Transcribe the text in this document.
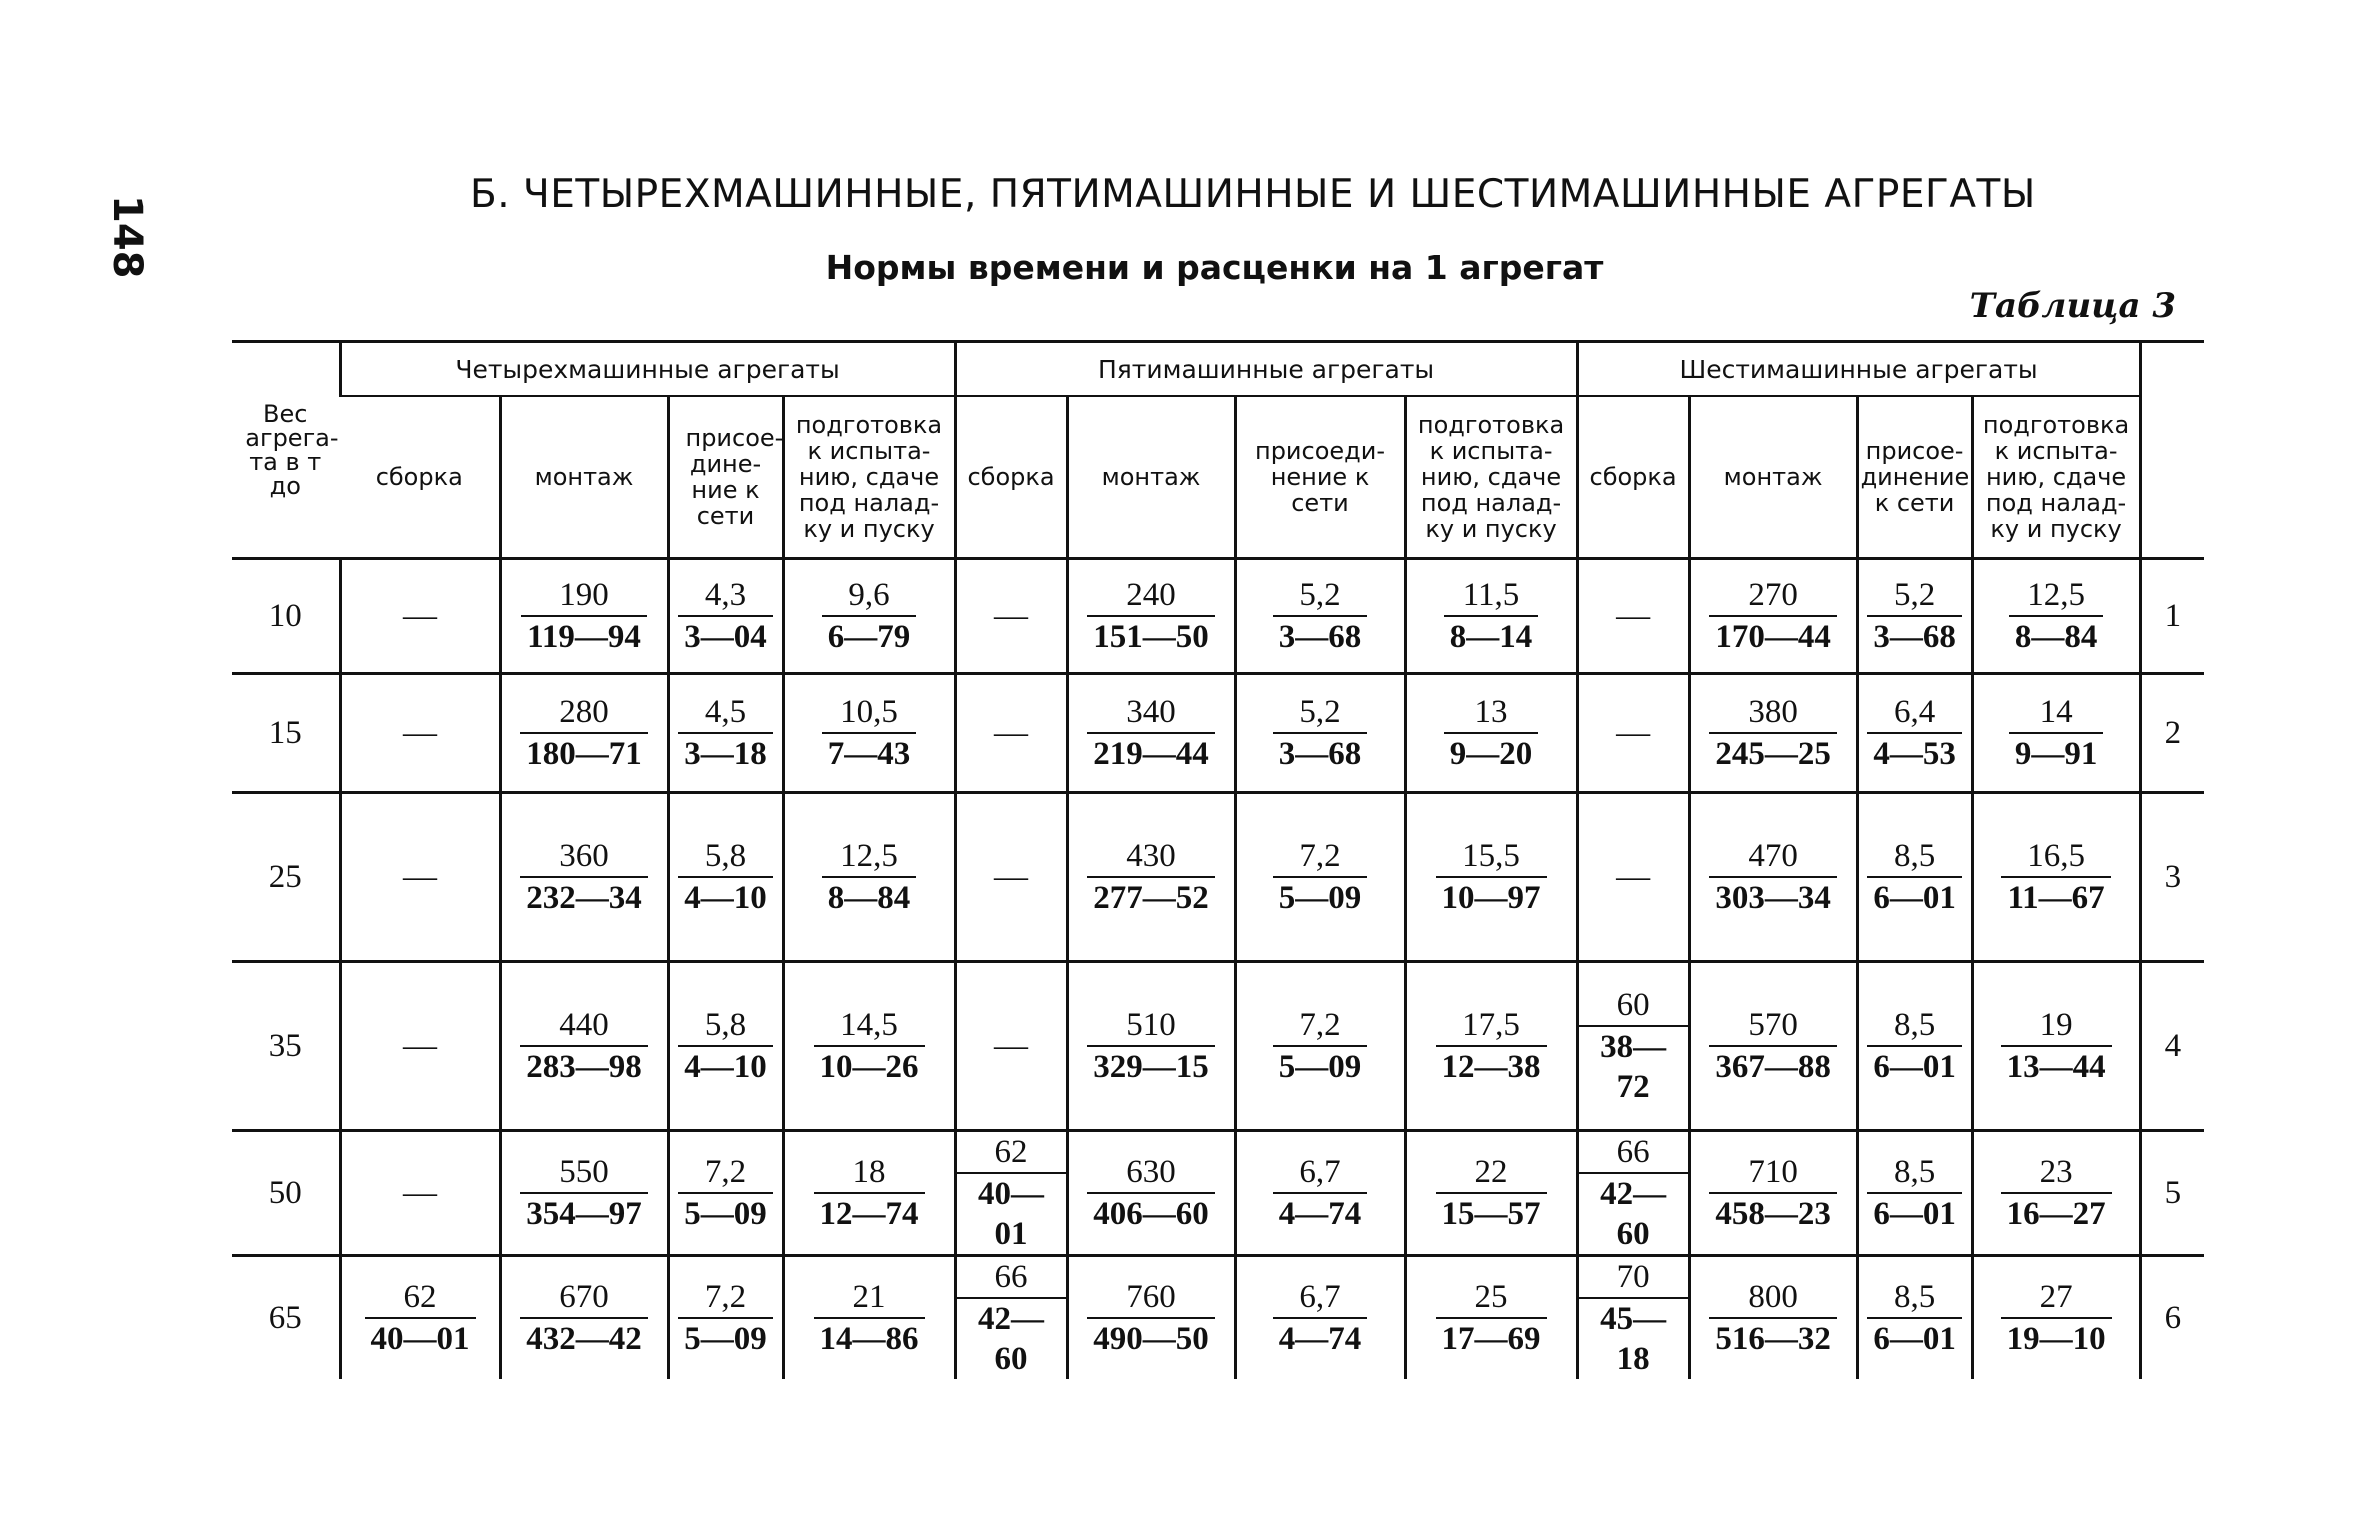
148
Б. ЧЕТЫРЕХМАШИННЫЕ, ПЯТИМАШИННЫЕ И ШЕСТИМАШИННЫЕ АГРЕГАТЫ
Нормы времени и расценки на 1 агрегат
Таблица 3
Вес агрега-та в т до	Четырехмашинные агрегаты				Пятимашинные агрегаты				Шестимашинные агрегаты				
	сборка	монтаж	присое-дине-ние к сети	подготовка к испыта-нию, сдаче под налад-ку и пуску	сборка	монтаж	присоеди-нение к сети	подготовка к испыта-нию, сдаче под налад-ку и пуску	сборка	монтаж	присое-динение к сети	подготовка к испыта-нию, сдаче под налад-ку и пуску	

10	—	$\frac{190}{119—94}$	$\frac{4,3}{3—04}$	$\frac{9,6}{6—79}$	—	$\frac{240}{151—50}$	$\frac{5,2}{3—68}$	$\frac{11,5}{8—14}$	—	$\frac{270}{170—44}$	$\frac{5,2}{3—68}$	$\frac{12,5}{8—84}$	1
15	—	$\frac{280}{180—71}$	$\frac{4,5}{3—18}$	$\frac{10,5}{7—43}$	—	$\frac{340}{219—44}$	$\frac{5,2}{3—68}$	$\frac{13}{9—20}$	—	$\frac{380}{245—25}$	$\frac{6,4}{4—53}$	$\frac{14}{9—91}$	2
25	—	$\frac{360}{232—34}$	$\frac{5,8}{4—10}$	$\frac{12,5}{8—84}$	—	$\frac{430}{277—52}$	$\frac{7,2}{5—09}$	$\frac{15,5}{10—97}$	—	$\frac{470}{303—34}$	$\frac{8,5}{6—01}$	$\frac{16,5}{11—67}$	3
35	—	$\frac{440}{283—98}$	$\frac{5,8}{4—10}$	$\frac{14,5}{10—26}$	—	$\frac{510}{329—15}$	$\frac{7,2}{5—09}$	$\frac{17,5}{12—38}$	$\frac{60}{38—72}$	$\frac{570}{367—88}$	$\frac{8,5}{6—01}$	$\frac{19}{13—44}$	4
50	—	$\frac{550}{354—97}$	$\frac{7,2}{5—09}$	$\frac{18}{12—74}$	$\frac{62}{40—01}$	$\frac{630}{406—60}$	$\frac{6,7}{4—74}$	$\frac{22}{15—57}$	$\frac{66}{42—60}$	$\frac{710}{458—23}$	$\frac{8,5}{6—01}$	$\frac{23}{16—27}$	5
65	$\frac{62}{40—01}$	$\frac{670}{432—42}$	$\frac{7,2}{5—09}$	$\frac{21}{14—86}$	$\frac{66}{42—60}$	$\frac{760}{490—50}$	$\frac{6,7}{4—74}$	$\frac{25}{17—69}$	$\frac{70}{45—18}$	$\frac{800}{516—32}$	$\frac{8,5}{6—01}$	$\frac{27}{19—10}$	6
